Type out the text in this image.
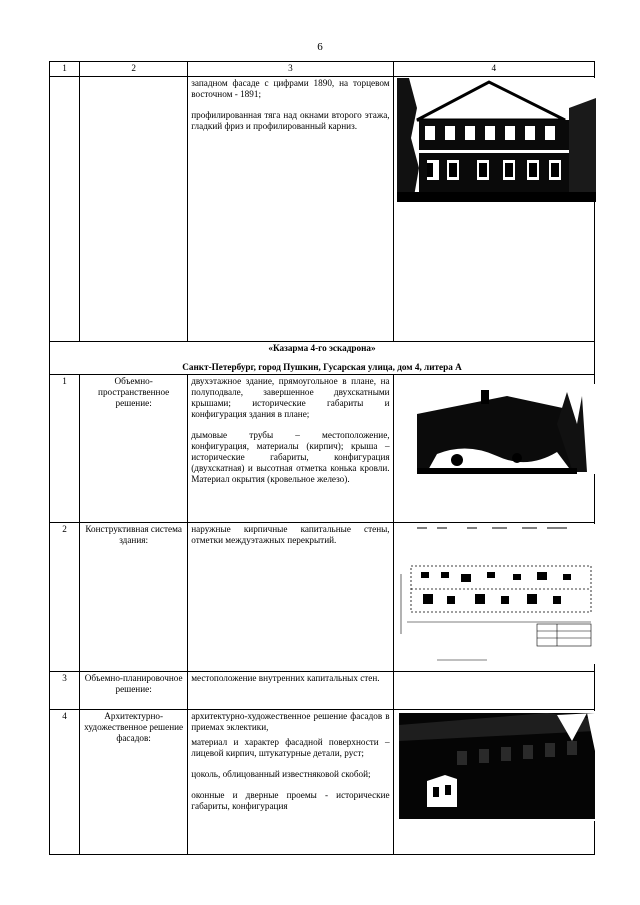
6
1	2	3	4

		западном фасаде с цифрами 1890, на торцевом восточном - 1891;

профилированная тяга над окнами второго этажа, гладкий фриз и профилированный карниз.

«Казарма 4-го эскадрона»
Санкт-Петербург, город Пушкин, Гусарская улица, дом 4, литера А			

1	Объемно-пространственное решение:	двухэтажное здание, прямоугольное в плане, на полуподвале, завершенное двухскатными крышами; исторические габариты и конфигурация здания в плане;

дымовые трубы – местоположение, конфигурация, материалы (кирпич); крыша – исторические габариты, конфигурация (двухскатная) и высотная отметка конька кровли. Материал окрытия (кровельное железо).

2	Конструктивная система здания:	наружные кирпичные капитальные стены, отметки междуэтажных перекрытий.

3	Объемно-планировочное решение:	местоположение внутренних капитальных стен.	

4	Архитектурно-художественное решение фасадов:	архитектурно-художественное решение фасадов в приемах эклектики,

материал и характер фасадной поверхности – лицевой кирпич, штукатурные детали, руст;

цоколь, облицованный известняковой скобой;

оконные и дверные проемы - исторические габариты, конфигурация
